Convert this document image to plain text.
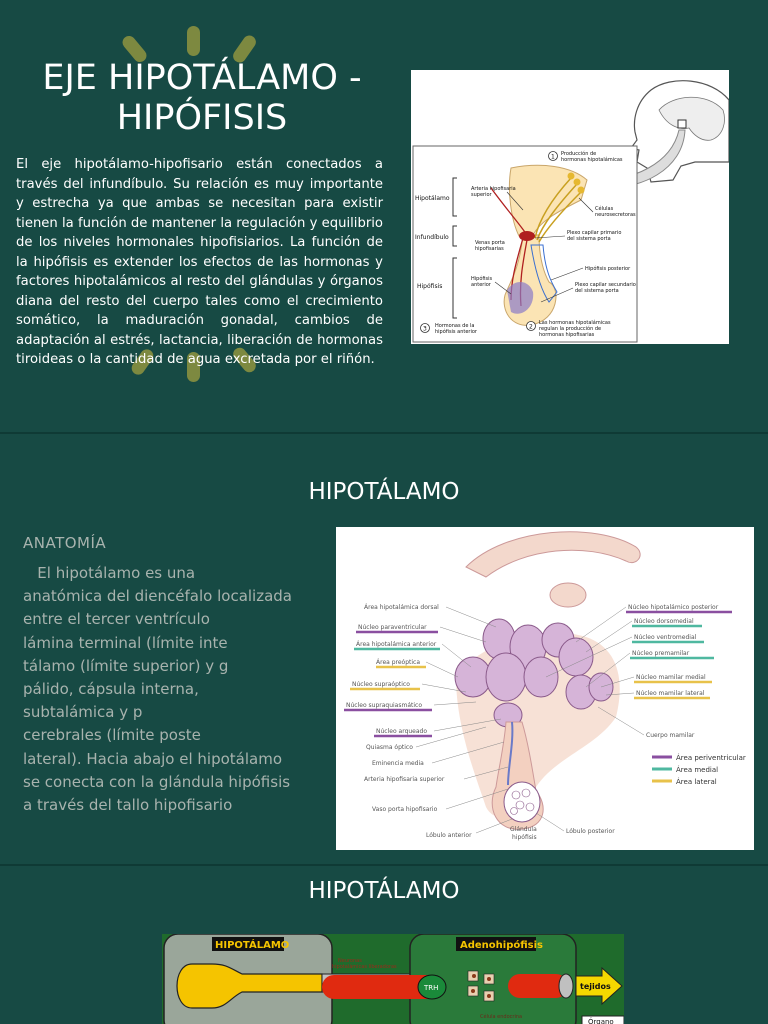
EJE HIPOTÁLAMO -
HIPÓFISIS
El eje hipotálamo-hipofisario están conectados a través del infundíbulo. Su relación es muy importante y estrecha ya que ambas se necesitan para existir tienen la función de mantener la regulación y equilibrio de los niveles hormonales hipofisiarios. La función de la hipófisis es extender los efectos de las hormonas y factores hipotalámicos al resto del glándulas y órganos diana del resto del cuerpo tales como el crecimiento somático, la maduración gonadal, cambios de adaptación al estrés, lactancia, liberación de hormonas tiroideas o la cantidad de agua excretada por el riñón.
Hipotálamo
Infundíbulo
Hipófisis
1 Producción de
hormonas hipotalámicas
Arteria hipofisaria
superior
Células
neurosecretoras
Venas porta
hipofisarias
Plexo capilar primario
del sistema porta
Hipófisis posterior
Hipófisis
anterior	Plexo capilar secundario
del sistema porta
3 Hormonas de la
hipófisis anterior
2
Las hormonas hipotalámicas
regulan la producción de
hormonas hipofisarias
HIPOTÁLAMO
ANATOMÍA
El hipotálamo es una
anatómica del diencéfalo localizada
entre el tercer ventrículo
lámina terminal (límite inte
tálamo (límite superior) y g
pálido, cápsula interna,
subtalámica y p
cerebrales (límite poste
lateral). Hacia abajo el hipotálamo
se conecta con la glándula hipófisis
a través del tallo hipofisario
Área hipotalámica dorsal
Núcleo paraventricular
Área hipotalámica anterior
Área preóptica
Núcleo supraóptico
Núcleo supraquiasmático
Núcleo arqueado
Quiasma óptico
Eminencia media
Arteria hipofisaria superior
Vaso porta hipofisario
Lóbulo anterior
Núcleo hipotalámico posterior
Núcleo dorsomedial
Núcleo ventromedial
Núcleo premamilar
Núcleo mamilar medial
Núcleo mamilar lateral
Cuerpo mamilar
Lóbulo posterior
Glándula
hipófisis
Área periventricular
Área medial
Área lateral
HIPOTÁLAMO
HIPOTÁLAMO
Neuronas
hipotalámicas liberadoras
Adenohipófisis
TRH
Célula endocrina
tejidos
Órgano
